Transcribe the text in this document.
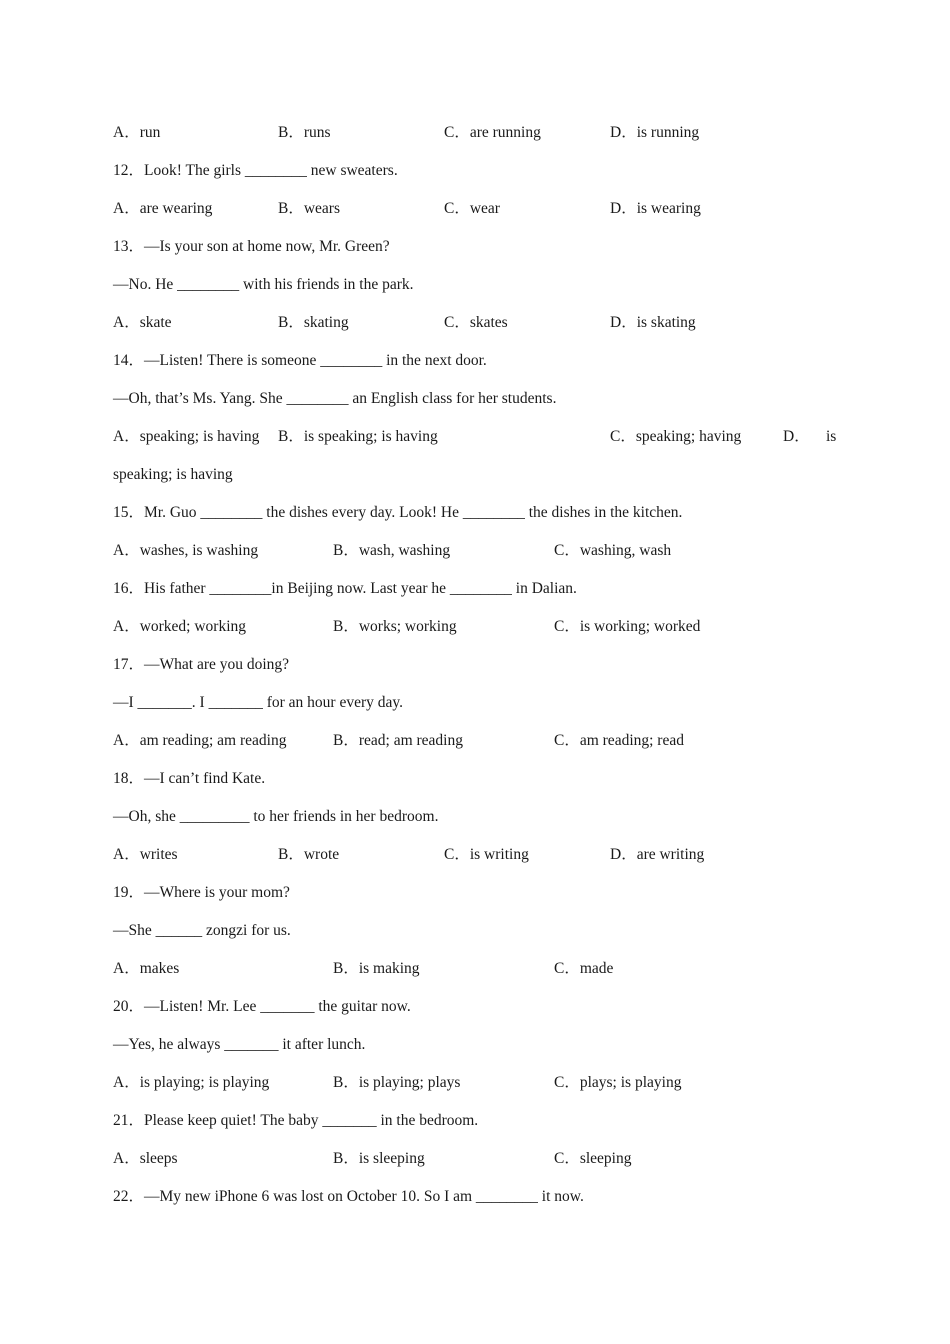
A．run	B．runs	C．are running	D．is running
12．Look! The girls ________ new sweaters.
A．are wearing	B．wears	C．wear	D．is wearing
13．—Is your son at home now, Mr. Green?
—No. He ________ with his friends in the park.
A．skate	B．skating	C．skates	D．is skating
14．—Listen! There is someone ________ in the next door.
—Oh, that’s Ms. Yang. She ________ an English class for her students.
A．speaking; is having B．is speaking; is having	C．speaking; having	D． is
speaking; is having
15．Mr. Guo ________ the dishes every day. Look! He ________ the dishes in the kitchen.
A．washes, is washing	B．wash, washing	C．washing, wash
16．His father ________in Beijing now. Last year he ________ in Dalian.
A．worked; working	B．works; working	C．is working; worked
17．—What are you doing?
—I _______. I _______ for an hour every day.
A．am reading; am reading	B．read; am reading	C．am reading; read
18．—I can’t find Kate.
—Oh, she _________ to her friends in her bedroom.
A．writes	B．wrote	C．is writing	D．are writing
19．—Where is your mom?
—She ______ zongzi for us.
A．makes	B．is making	C．made
20．—Listen! Mr. Lee _______ the guitar now.
—Yes, he always _______ it after lunch.
A．is playing; is playing	B．is playing; plays	C．plays; is playing
21．Please keep quiet! The baby _______ in the bedroom.
A．sleeps	B．is sleeping	C．sleeping
22．—My new iPhone 6 was lost on October 10. So I am ________ it now.
